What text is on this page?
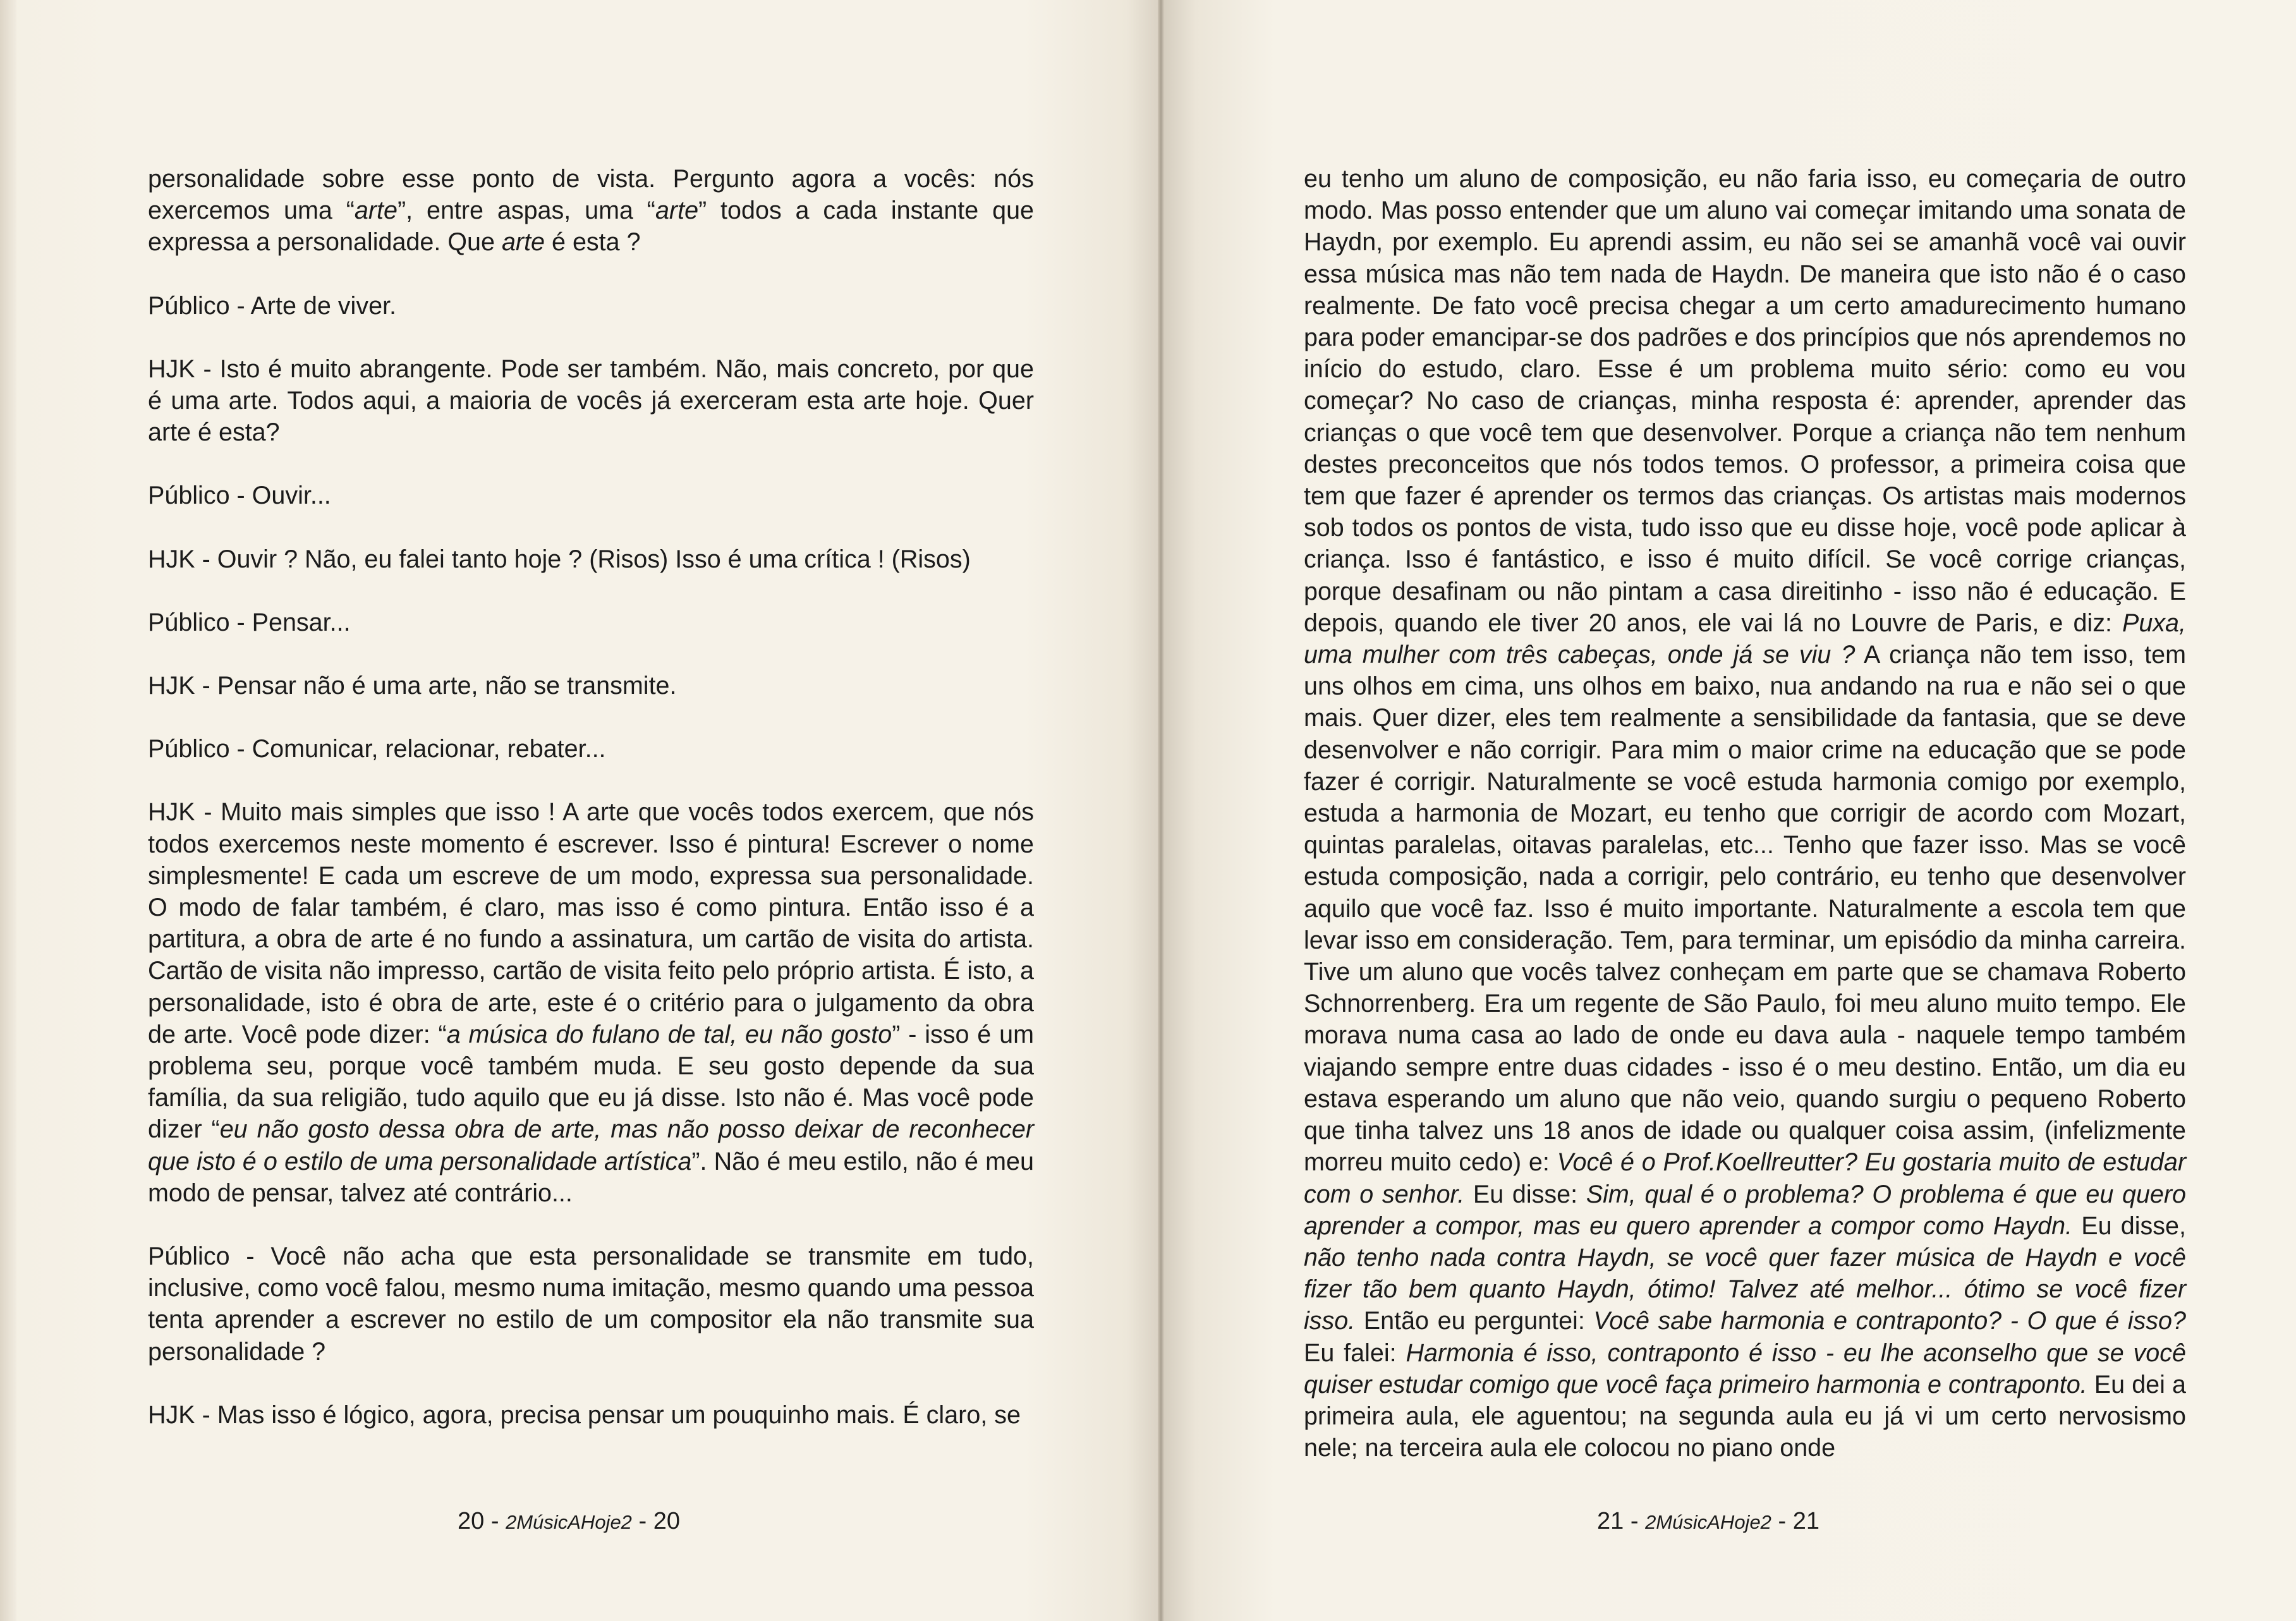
personalidade sobre esse ponto de vista. Pergunto agora a vocês: nós exercemos uma “arte”, entre aspas, uma “arte” todos a cada instante que expressa a personalidade. Que arte é esta ?

Público - Arte de viver.

HJK - Isto é muito abrangente. Pode ser também. Não, mais concreto, por que é uma arte. Todos aqui, a maioria de vocês já exerceram esta arte hoje. Quer arte é esta?

Público - Ouvir...

HJK - Ouvir ? Não, eu falei tanto hoje ? (Risos) Isso é uma crítica ! (Risos)

Público - Pensar...

HJK - Pensar não é uma arte, não se transmite.

Público - Comunicar, relacionar, rebater...

HJK - Muito mais simples que isso ! A arte que vocês todos exercem, que nós todos exercemos neste momento é escrever. Isso é pintura! Escrever o nome simplesmente! E cada um escreve de um modo, expressa sua personalidade. O modo de falar também, é claro, mas isso é como pintura. Então isso é a partitura, a obra de arte é no fundo a assinatura, um cartão de visita do artista. Cartão de visita não impresso, cartão de visita feito pelo próprio artista. É isto, a personalidade, isto é obra de arte, este é o critério para o julgamento da obra de arte. Você pode dizer: “a música do fulano de tal, eu não gosto” - isso é um problema seu, porque você também muda. E seu gosto depende da sua família, da sua religião, tudo aquilo que eu já disse. Isto não é. Mas você pode dizer “eu não gosto dessa obra de arte, mas não posso deixar de reconhecer que isto é o estilo de uma personalidade artística”. Não é meu estilo, não é meu modo de pensar, talvez até contrário...

Público - Você não acha que esta personalidade se transmite em tudo, inclusive, como você falou, mesmo numa imitação, mesmo quando uma pessoa tenta aprender a escrever no estilo de um compositor ela não transmite sua personalidade ?

HJK - Mas isso é lógico, agora, precisa pensar um pouquinho mais. É claro, se

20 - 2MúsicAHoje2 - 20

eu tenho um aluno de composição, eu não faria isso, eu começaria de outro modo. Mas posso entender que um aluno vai começar imitando uma sonata de Haydn, por exemplo. Eu aprendi assim, eu não sei se amanhã você vai ouvir essa música mas não tem nada de Haydn. De maneira que isto não é o caso realmente. De fato você precisa chegar a um certo amadurecimento humano para poder emancipar-se dos padrões e dos princípios que nós aprendemos no início do estudo, claro. Esse é um problema muito sério: como eu vou começar? No caso de crianças, minha resposta é: aprender, aprender das crianças o que você tem que desenvolver. Porque a criança não tem nenhum destes preconceitos que nós todos temos. O professor, a primeira coisa que tem que fazer é aprender os termos das crianças. Os artistas mais modernos sob todos os pontos de vista, tudo isso que eu disse hoje, você pode aplicar à criança. Isso é fantástico, e isso é muito difícil. Se você corrige crianças, porque desafinam ou não pintam a casa direitinho - isso não é educação. E depois, quando ele tiver 20 anos, ele vai lá no Louvre de Paris, e diz: Puxa, uma mulher com três cabeças, onde já se viu ? A criança não tem isso, tem uns olhos em cima, uns olhos em baixo, nua andando na rua e não sei o que mais. Quer dizer, eles tem realmente a sensibilidade da fantasia, que se deve desenvolver e não corrigir. Para mim o maior crime na educação que se pode fazer é corrigir. Naturalmente se você estuda harmonia comigo por exemplo, estuda a harmonia de Mozart, eu tenho que corrigir de acordo com Mozart, quintas paralelas, oitavas paralelas, etc... Tenho que fazer isso. Mas se você estuda composição, nada a corrigir, pelo contrário, eu tenho que desenvolver aquilo que você faz. Isso é muito importante. Naturalmente a escola tem que levar isso em consideração. Tem, para terminar, um episódio da minha carreira. Tive um aluno que vocês talvez conheçam em parte que se chamava Roberto Schnorrenberg. Era um regente de São Paulo, foi meu aluno muito tempo. Ele morava numa casa ao lado de onde eu dava aula - naquele tempo também viajando sempre entre duas cidades - isso é o meu destino. Então, um dia eu estava esperando um aluno que não veio, quando surgiu o pequeno Roberto que tinha talvez uns 18 anos de idade ou qualquer coisa assim, (infelizmente morreu muito cedo) e: Você é o Prof.Koellreutter? Eu gostaria muito de estudar com o senhor. Eu disse: Sim, qual é o problema? O problema é que eu quero aprender a compor, mas eu quero aprender a compor como Haydn. Eu disse, não tenho nada contra Haydn, se você quer fazer música de Haydn e você fizer tão bem quanto Haydn, ótimo! Talvez até melhor... ótimo se você fizer isso. Então eu perguntei: Você sabe harmonia e contraponto? - O que é isso? Eu falei: Harmonia é isso, contraponto é isso - eu lhe aconselho que se você quiser estudar comigo que você faça primeiro harmonia e contraponto. Eu dei a primeira aula, ele aguentou; na segunda aula eu já vi um certo nervosismo nele; na terceira aula ele colocou no piano onde

21 - 2MúsicAHoje2 - 21
